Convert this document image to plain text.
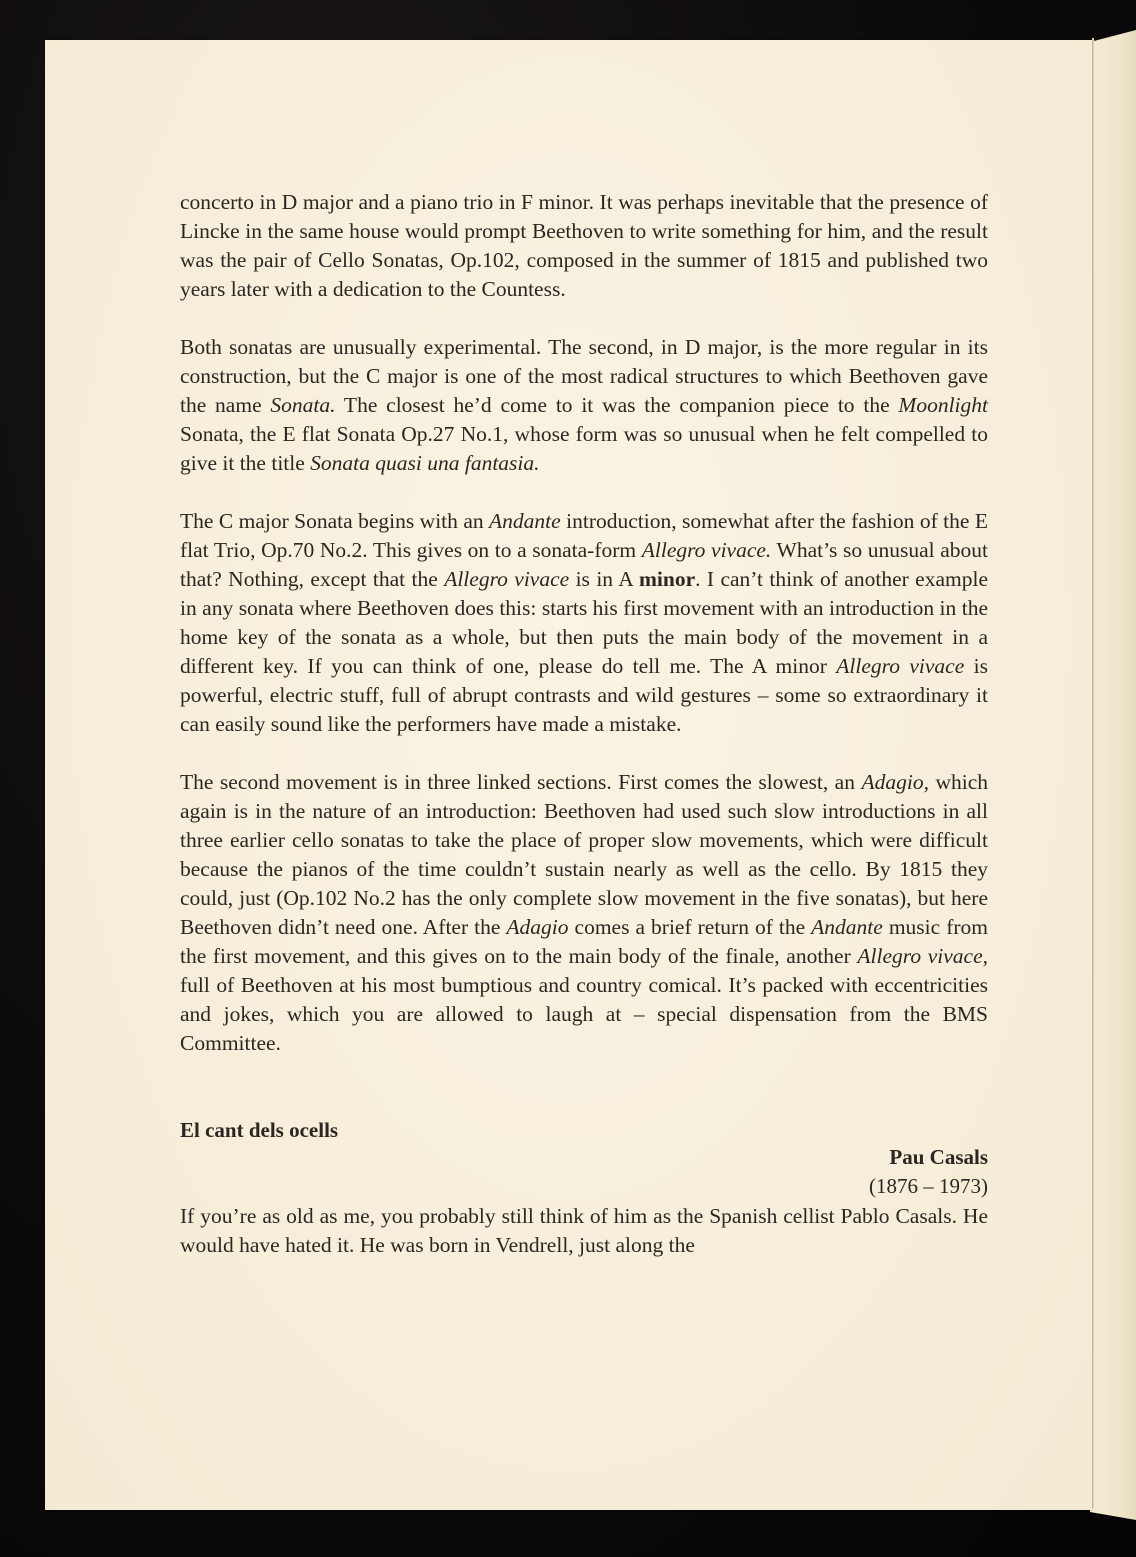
concerto in D major and a piano trio in F minor. It was perhaps inevitable that the presence of Lincke in the same house would prompt Beethoven to write something for him, and the result was the pair of Cello Sonatas, Op.102, composed in the summer of 1815 and published two years later with a dedication to the Countess.

Both sonatas are unusually experimental. The second, in D major, is the more regular in its construction, but the C major is one of the most radical structures to which Beethoven gave the name Sonata. The closest he’d come to it was the companion piece to the Moonlight Sonata, the E flat Sonata Op.27 No.1, whose form was so unusual when he felt compelled to give it the title Sonata quasi una fantasia.

The C major Sonata begins with an Andante introduction, somewhat after the fashion of the E flat Trio, Op.70 No.2. This gives on to a sonata-form Allegro vivace. What’s so unusual about that? Nothing, except that the Allegro vivace is in A minor. I can’t think of another example in any sonata where Beethoven does this: starts his first movement with an introduction in the home key of the sonata as a whole, but then puts the main body of the movement in a different key. If you can think of one, please do tell me. The A minor Allegro vivace is powerful, electric stuff, full of abrupt contrasts and wild gestures – some so extraordinary it can easily sound like the performers have made a mistake.

The second movement is in three linked sections. First comes the slowest, an Adagio, which again is in the nature of an introduction: Beethoven had used such slow introductions in all three earlier cello sonatas to take the place of proper slow movements, which were difficult because the pianos of the time couldn’t sustain nearly as well as the cello. By 1815 they could, just (Op.102 No.2 has the only complete slow movement in the five sonatas), but here Beethoven didn’t need one. After the Adagio comes a brief return of the Andante music from the first movement, and this gives on to the main body of the finale, another Allegro vivace, full of Beethoven at his most bumptious and country comical. It’s packed with eccentricities and jokes, which you are allowed to laugh at – special dispensation from the BMS Committee.

El cant dels ocells
Pau Casals
(1876 – 1973)

If you’re as old as me, you probably still think of him as the Spanish cellist Pablo Casals. He would have hated it. He was born in Vendrell, just along the
